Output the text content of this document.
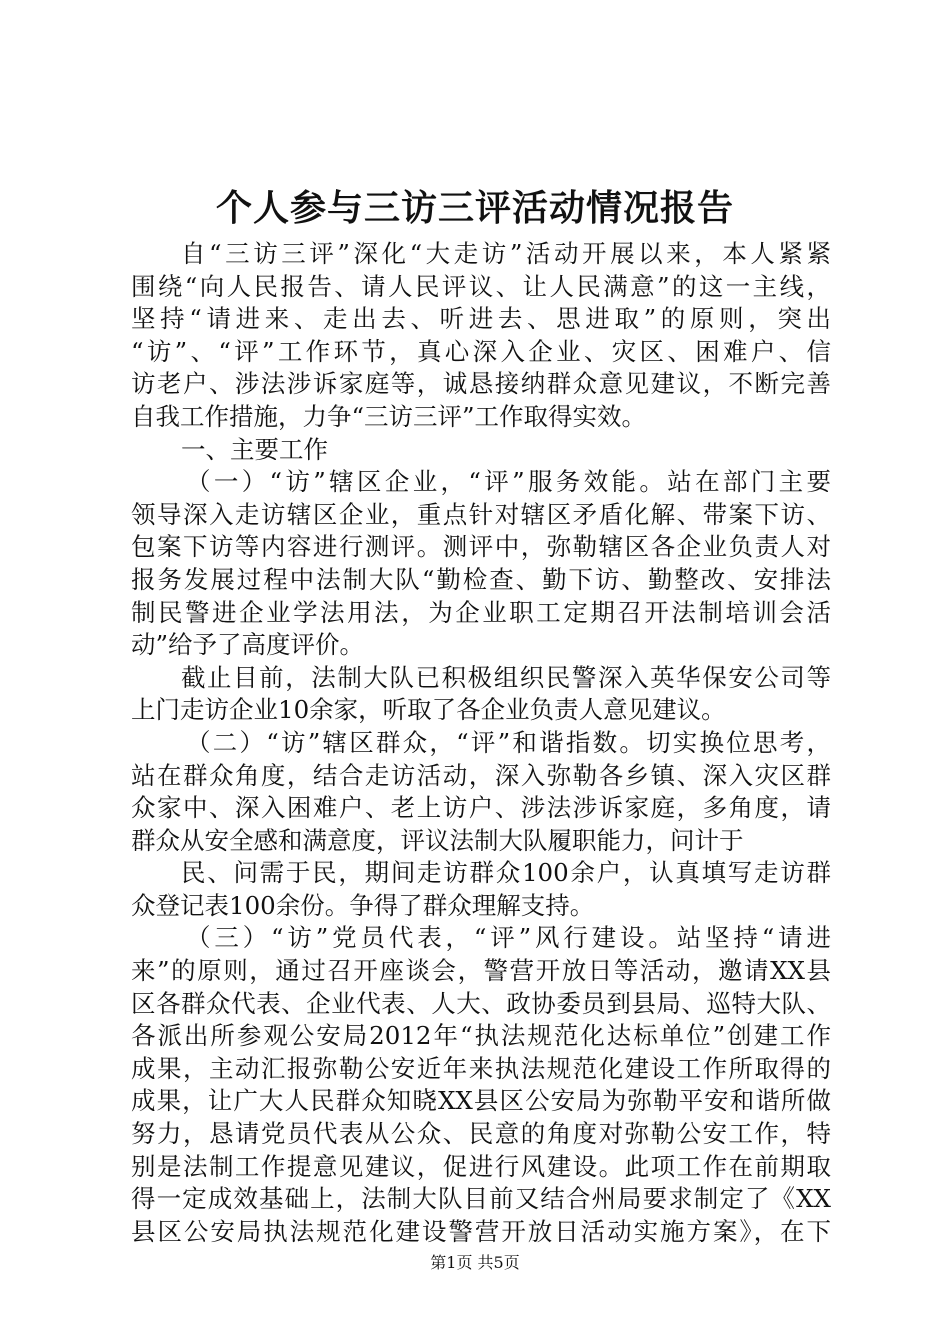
个人参与三访三评活动情况报告
自“三访三评”深化“大走访”活动开展以来，本人紧紧
围绕“向人民报告、请人民评议、让人民满意”的这一主线，
坚持“请进来、走出去、听进去、思进取”的原则，突出
“访”、“评”工作环节，真心深入企业、灾区、困难户、信
访老户、涉法涉诉家庭等，诚恳接纳群众意见建议，不断完善
自我工作措施，力争“三访三评”工作取得实效。
一、主要工作
（一）“访”辖区企业，“评”服务效能。站在部门主要
领导深入走访辖区企业，重点针对辖区矛盾化解、带案下访、
包案下访等内容进行测评。测评中，弥勒辖区各企业负责人对
报务发展过程中法制大队“勤检查、勤下访、勤整改、安排法
制民警进企业学法用法，为企业职工定期召开法制培训会活
动”给予了高度评价。
截止目前，法制大队已积极组织民警深入英华保安公司等
上门走访企业10余家，听取了各企业负责人意见建议。
（二）“访”辖区群众，“评”和谐指数。切实换位思考，
站在群众角度，结合走访活动，深入弥勒各乡镇、深入灾区群
众家中、深入困难户、老上访户、涉法涉诉家庭，多角度，请
群众从安全感和满意度，评议法制大队履职能力，问计于
民、问需于民，期间走访群众100余户，认真填写走访群
众登记表100余份。争得了群众理解支持。
（三）“访”党员代表，“评”风行建设。站坚持“请进
来”的原则，通过召开座谈会，警营开放日等活动，邀请XX县
区各群众代表、企业代表、人大、政协委员到县局、巡特大队、
各派出所参观公安局2012年“执法规范化达标单位”创建工作
成果，主动汇报弥勒公安近年来执法规范化建设工作所取得的
成果，让广大人民群众知晓XX县区公安局为弥勒平安和谐所做
努力，恳请党员代表从公众、民意的角度对弥勒公安工作，特
别是法制工作提意见建议，促进行风建设。此项工作在前期取
得一定成效基础上，法制大队目前又结合州局要求制定了《XX
县区公安局执法规范化建设警营开放日活动实施方案》，在下
第1页 共5页
